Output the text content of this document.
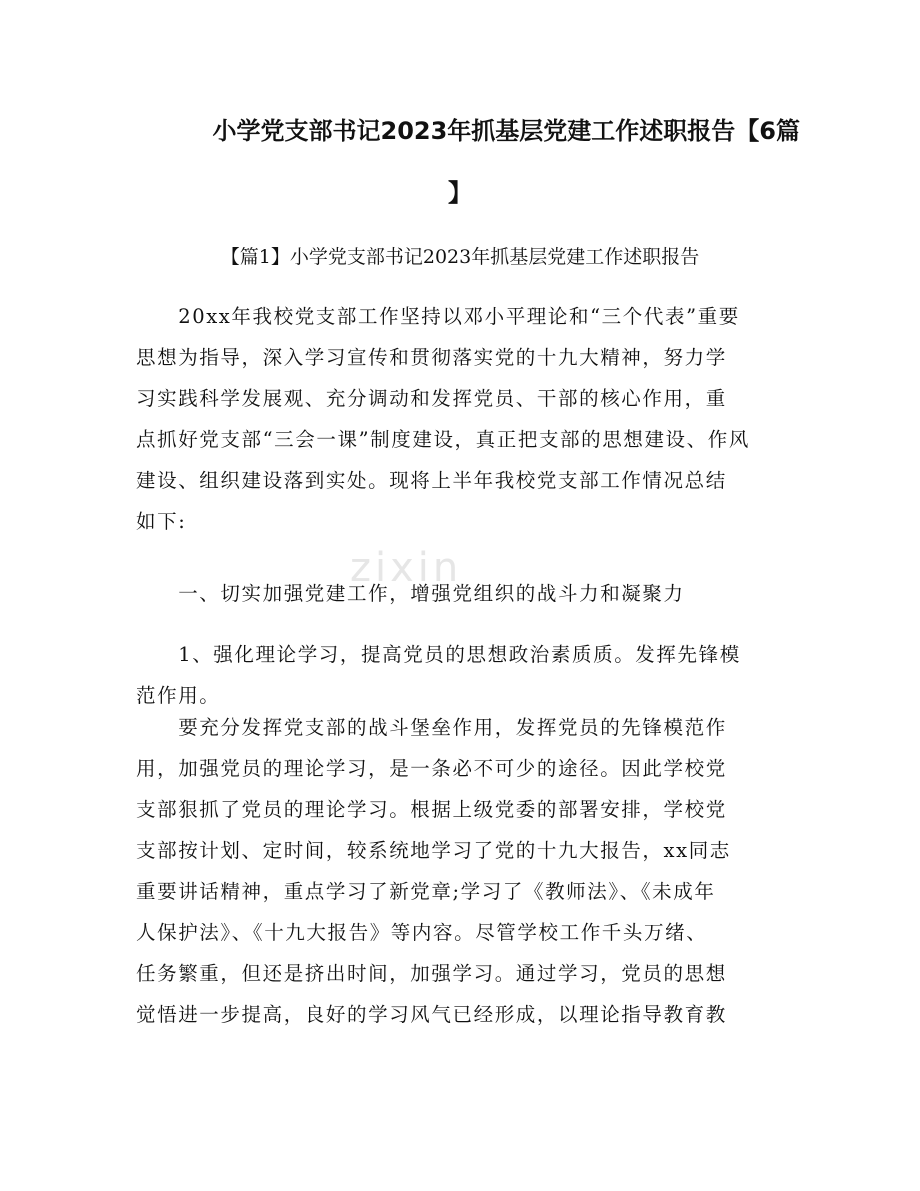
小学党支部书记2023年抓基层党建工作述职报告【6篇
】
【篇1】小学党支部书记2023年抓基层党建工作述职报告
　　20xx年我校党支部工作坚持以邓小平理论和“三个代表”重要
思想为指导，深入学习宣传和贯彻落实党的十九大精神，努力学
习实践科学发展观、充分调动和发挥党员、干部的核心作用，重
点抓好党支部“三会一课”制度建设，真正把支部的思想建设、作风
建设、组织建设落到实处。现将上半年我校党支部工作情况总结
如下:
　　一、切实加强党建工作，增强党组织的战斗力和凝聚力
　　1、强化理论学习，提高党员的思想政治素质质。发挥先锋模
范作用。
　　要充分发挥党支部的战斗堡垒作用，发挥党员的先锋模范作
用，加强党员的理论学习，是一条必不可少的途径。因此学校党
支部狠抓了党员的理论学习。根据上级党委的部署安排，学校党
支部按计划、定时间，较系统地学习了党的十九大报告，xx同志
重要讲话精神，重点学习了新党章;学习了《教师法》、《未成年
人保护法》、《十九大报告》等内容。尽管学校工作千头万绪、
任务繁重，但还是挤出时间，加强学习。通过学习，党员的思想
觉悟进一步提高，良好的学习风气已经形成，以理论指导教育教
zixin
